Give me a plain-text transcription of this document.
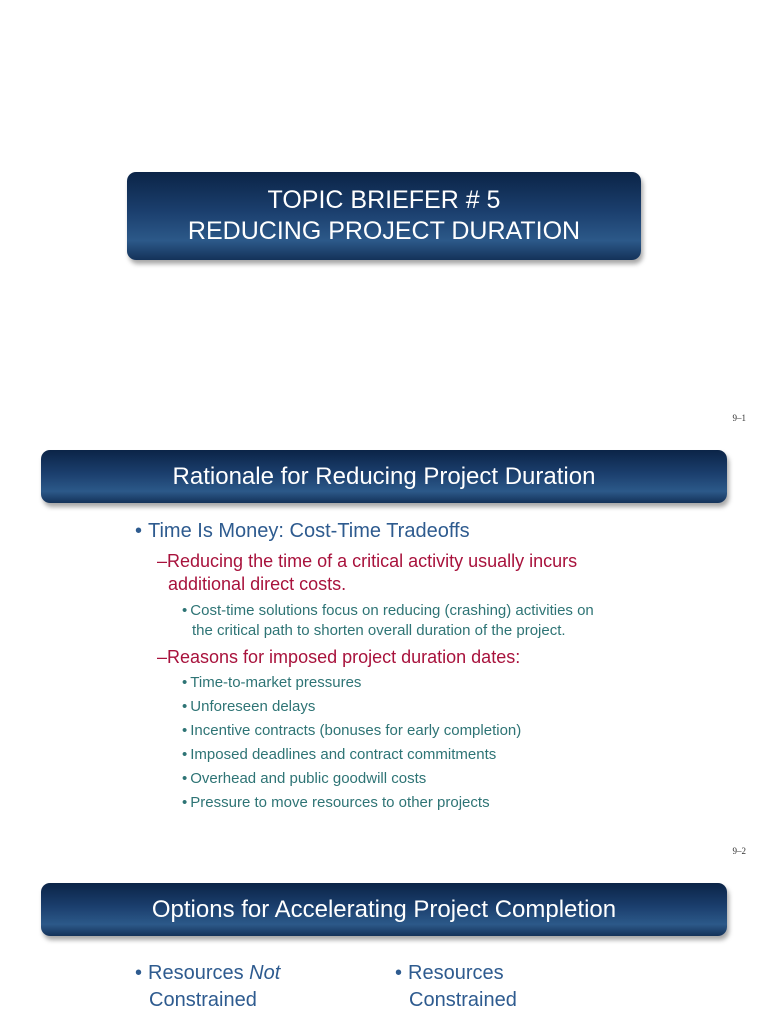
TOPIC BRIEFER # 5
REDUCING PROJECT DURATION
9–1
Rationale for Reducing Project Duration
• Time Is Money: Cost-Time Tradeoffs
–Reducing the time of a critical activity usually incurs
additional direct costs.
• Cost-time solutions focus on reducing (crashing) activities on
the critical path to shorten overall duration of the project.
–Reasons for imposed project duration dates:
• Time-to-market pressures
• Unforeseen delays
• Incentive contracts (bonuses for early completion)
• Imposed deadlines and contract commitments
• Overhead and public goodwill costs
• Pressure to move resources to other projects
9–2
Options for Accelerating Project Completion
• Resources Not
Constrained
• Resources
Constrained
